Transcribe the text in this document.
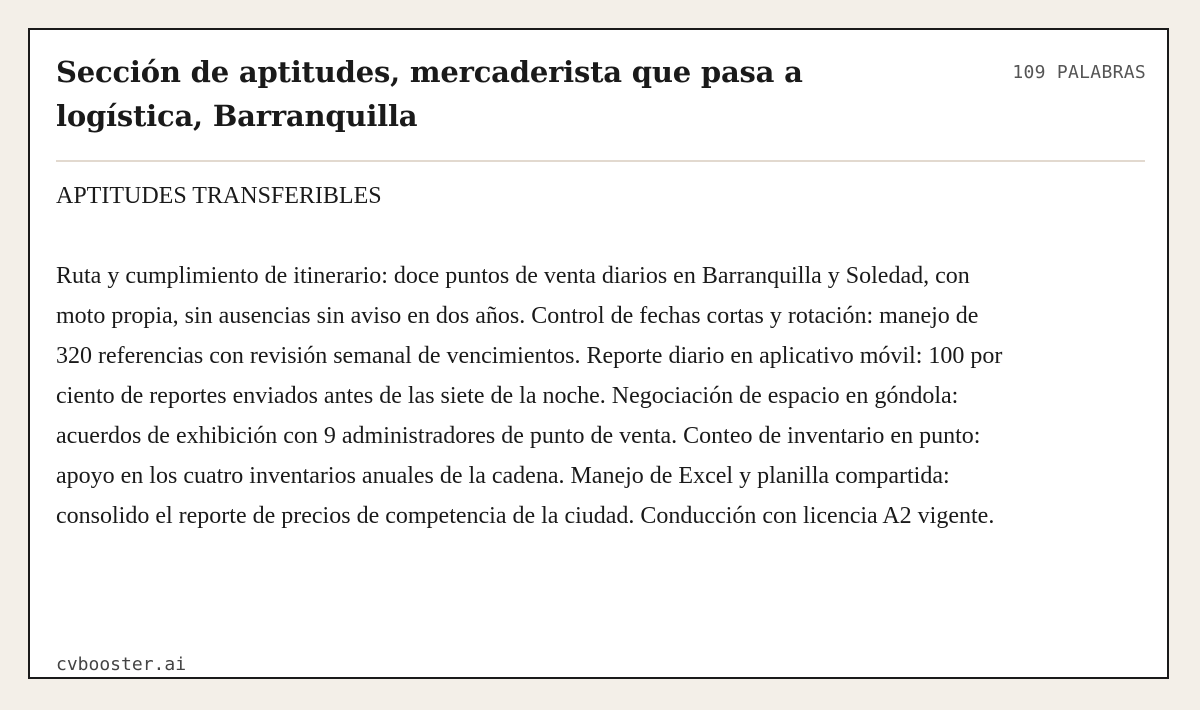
Sección de aptitudes, mercaderista que pasa a logística, Barranquilla
109 PALABRAS
APTITUDES TRANSFERIBLES

Ruta y cumplimiento de itinerario: doce puntos de venta diarios en Barranquilla y Soledad, con moto propia, sin ausencias sin aviso en dos años. Control de fechas cortas y rotación: manejo de 320 referencias con revisión semanal de vencimientos. Reporte diario en aplicativo móvil: 100 por ciento de reportes enviados antes de las siete de la noche. Negociación de espacio en góndola: acuerdos de exhibición con 9 administradores de punto de venta. Conteo de inventario en punto: apoyo en los cuatro inventarios anuales de la cadena. Manejo de Excel y planilla compartida: consolido el reporte de precios de competencia de la ciudad. Conducción con licencia A2 vigente.

cvbooster.ai
